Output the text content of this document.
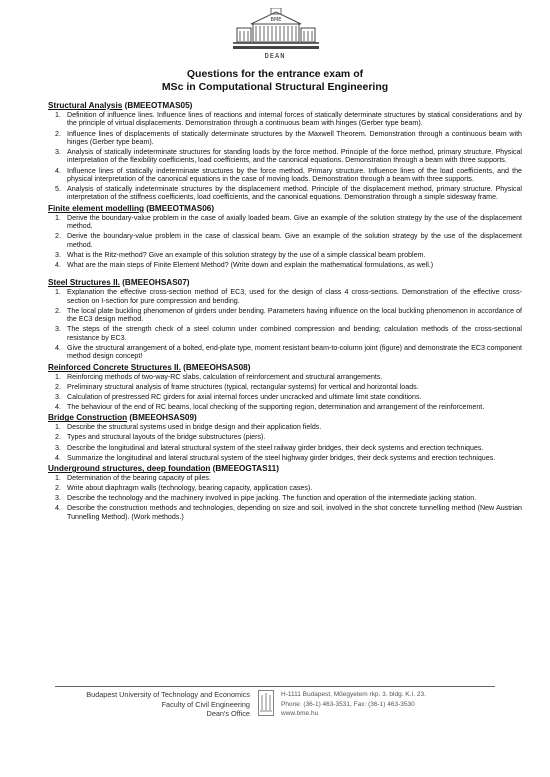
BME
DEAN
Questions for the entrance exam of
MSc in Computational Structural Engineering

Structural Analysis (BMEEOTMAS05)

1. Definition of influence lines. Influence lines of reactions and internal forces of statically determinate structures by statical considerations and by the principle of virtual displacements. Demonstration through a continuous beam with hinges (Gerber type beam).
2. Influence lines of displacements of statically determinate structures by the Maxwell Theorem. Demonstration through a continuous beam with hinges (Gerber type beam).
3. Analysis of statically indeterminate structures for standing loads by the force method. Principle of the force method, primary structure. Physical interpretation of the flexibility coefficients, load coefficients, and the canonical equations. Demonstration through a beam with three supports.
4. Influence lines of statically indeterminate structures by the force method. Primary structure. Influence lines of the load coefficients, and the physical interpretation of the canonical equations in the case of moving loads. Demonstration through a beam with three supports.
5. Analysis of statically indeterminate structures by the displacement method. Principle of the displacement method, primary structure. Physical interpretation of the stiffness coefficients, load coefficients, and the canonical equations. Demonstration through a simple sidesway frame.

Finite element modelling (BMEEOTMAS06)

1. Derive the boundary-value problem in the case of axially loaded beam. Give an example of the solution strategy by the use of the displacement method.
2. Derive the boundary-value problem in the case of classical beam. Give an example of the solution strategy by the use of the displacement method.
3. What is the Ritz-method? Give an example of this solution strategy by the use of a simple classical beam problem.
4. What are the main steps of Finite Element Method? (Write down and explain the mathematical formulations, as well.)

Steel Structures II. (BMEEOHSAS07)

1. Explanation the effective cross-section method of EC3, used for the design of class 4 cross-sections. Demonstration of the effective cross-section on I-section for pure compression and bending.
2. The local plate buckling phenomenon of girders under bending. Parameters having influence on the local buckling phenomenon in accordance of the EC3 design method.
3. The steps of the strength check of a steel column under combined compression and bending; calculation methods of the cross-sectional resistance by EC3.
4. Give the structural arrangement of a bolted, end-plate type, moment resistant beam-to-column joint (figure) and demonstrate the EC3 component method design concept!

Reinforced Concrete Structures II. (BMEEOHSAS08)

1. Reinforcing methods of two-way-RC slabs, calculation of reinforcement and structural arrangements.
2. Preliminary structural analysis of frame structures (typical, rectangular systems) for vertical and horizontal loads.
3. Calculation of prestressed RC girders for axial internal forces under uncracked and ultimate limit state conditions.
4. The behaviour of the end of RC beams, local checking of the supporting region, determination and arrangement of the reinforcement.

Bridge Construction (BMEEOHSAS09)

1. Describe the structural systems used in bridge design and their application fields.
2. Types and structural layouts of the bridge substructures (piers).
3. Describe the longitudinal and lateral structural system of the steel railway girder bridges, their deck systems and erection techniques.
4. Summarize the longitudinal and lateral structural system of the steel highway girder bridges, their deck systems and erection techniques.

Underground structures, deep foundation (BMEEOGTAS11)

1. Determination of the bearing capacity of piles.
2. Write about diaphragm walls (technology, bearing capacity, application cases).
3. Describe the technology and the machinery involved in pipe jacking. The function and operation of the intermediate jacking station.
4. Describe the construction methods and technologies, depending on size and soil, involved in the shot concrete tunnelling method (New Austrian Tunnelling Method). (Work methods.)
Budapest University of Technology and Economics
Faculty of Civil Engineering
Dean's Office
H-1111 Budapest, Műegyetem rkp. 3. bldg. K.I. 23.
Phone: (36-1) 463-3531, Fax: (36-1) 463-3530
www.bme.hu
